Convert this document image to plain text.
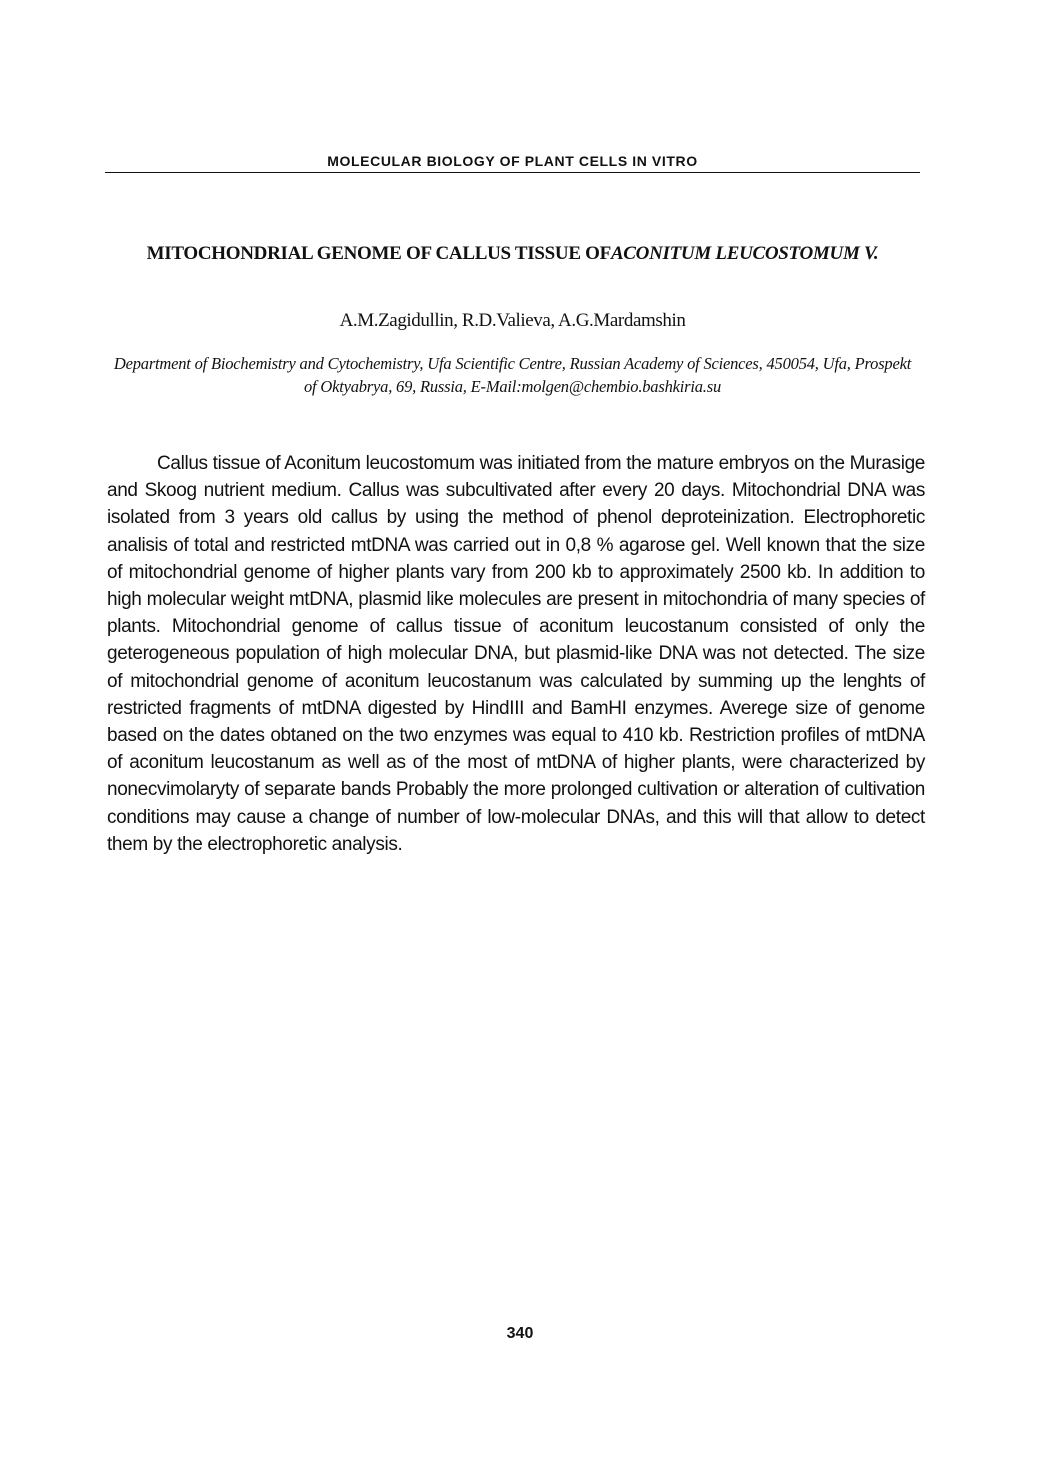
MOLECULAR BIOLOGY OF PLANT CELLS IN VITRO
MITOCHONDRIAL GENOME OF CALLUS TISSUE OFACONITUM LEUCOSTOMUM V.
A.M.Zagidullin, R.D.Valieva, A.G.Mardamshin
Department of Biochemistry and Cytochemistry, Ufa Scientific Centre, Russian Academy of Sciences, 450054, Ufa, Prospekt of Oktyabrya, 69, Russia, E-Mail:molgen@chembio.bashkiria.su

Callus tissue of Aconitum leucostomum was initiated from the mature embryos on the Murasige and Skoog nutrient medium. Callus was subcultivated after every 20 days. Mitochondrial DNA was isolated from 3 years old callus by using the method of phenol deproteinization. Electrophoretic analisis of total and restricted mtDNA was carried out in 0,8 % agarose gel. Well known that the size of mitochondrial genome of higher plants vary from 200 kb to approximately 2500 kb. In addition to high molecular weight mtDNA, plasmid like molecules are present in mitochondria of many species of plants. Mitochondrial genome of callus tissue of aconitum leucostanum consisted of only the geterogeneous population of high molecular DNA, but plasmid-like DNA was not detected. The size of mitochondrial genome of aconitum leucostanum was calculated by summing up the lenghts of restricted fragments of mtDNA digested by HindIII and BamHI enzymes. Averege size of genome based on the dates obtaned on the two enzymes was equal to 410 kb. Restriction profiles of mtDNA of aconitum leucostanum as well as of the most of mtDNA of higher plants, were characterized by nonecvimolaryty of separate bands Probably the more prolonged cultivation or alteration of cultivation conditions may cause a change of number of low-molecular DNAs, and this will that allow to detect them by the electrophoretic analysis.

340
